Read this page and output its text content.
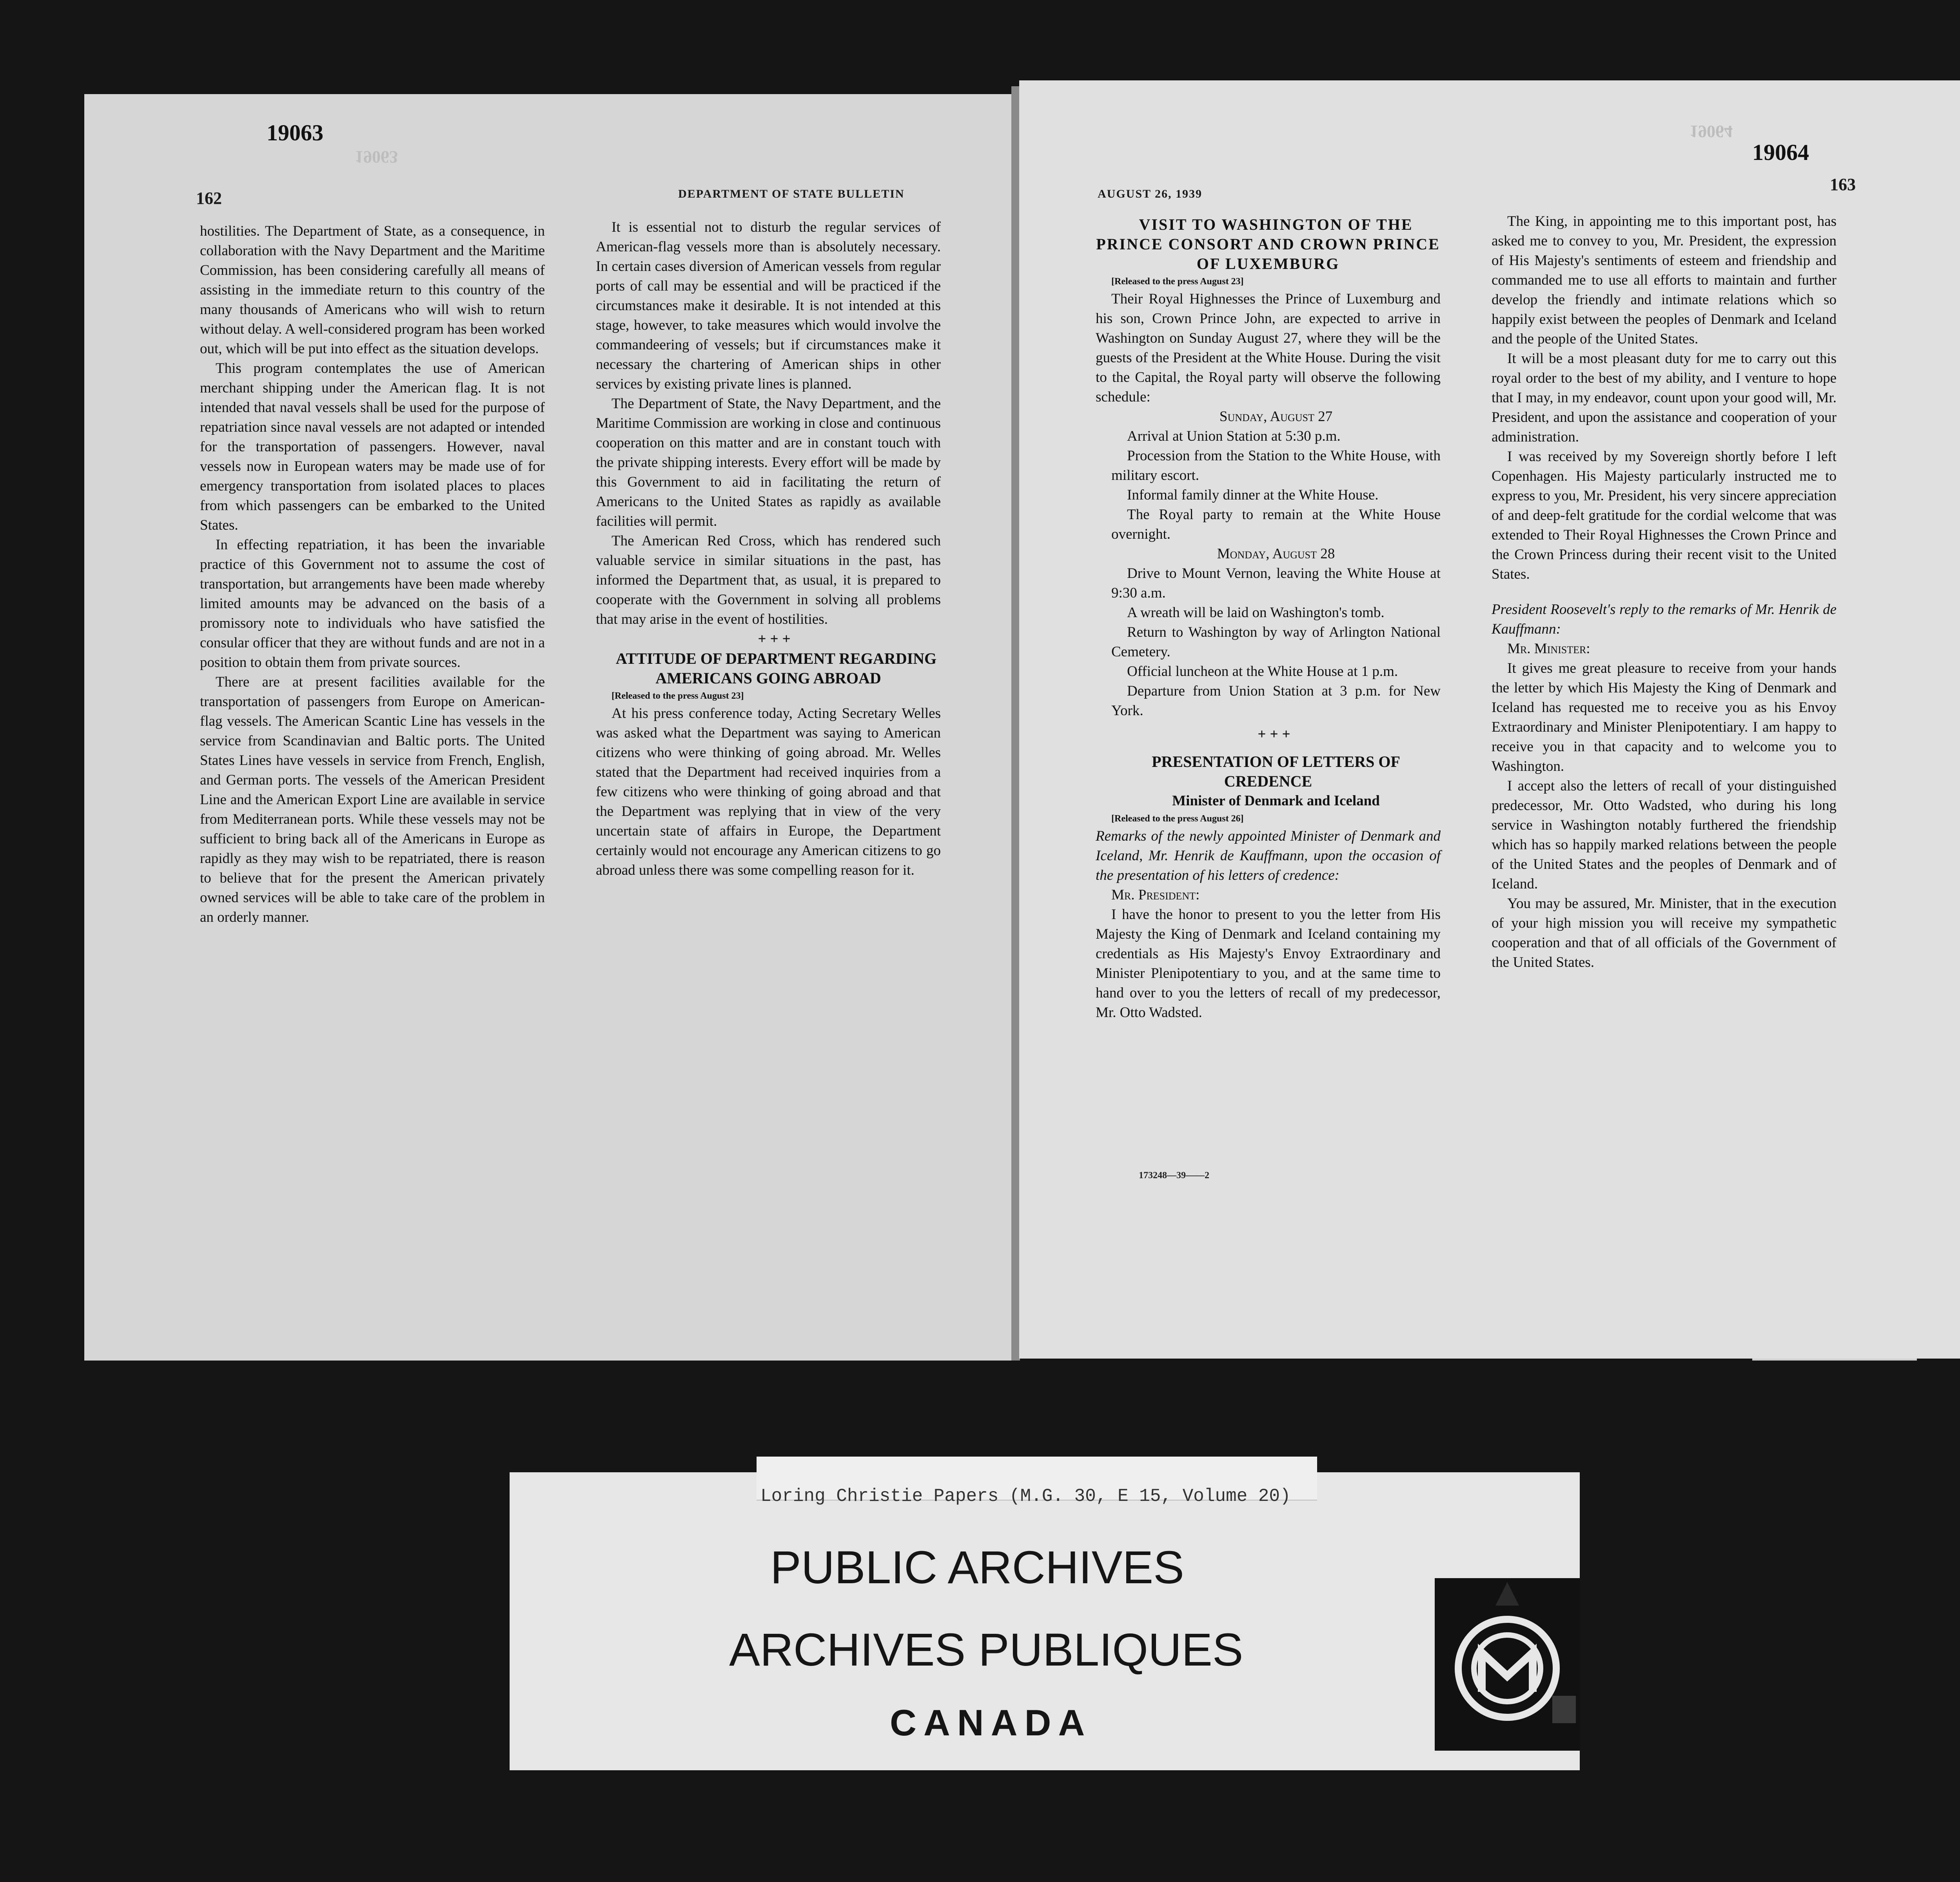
19063
19063
162	DEPARTMENT OF STATE BULLETIN

hostilities. The Department of State, as a consequence, in collaboration with the Navy Department and the Maritime Commission, has been considering carefully all means of assisting in the immediate return to this country of the many thousands of Americans who will wish to return without delay. A well-considered program has been worked out, which will be put into effect as the situation develops.

This program contemplates the use of American merchant shipping under the American flag. It is not intended that naval vessels shall be used for the purpose of repatriation since naval vessels are not adapted or intended for the transportation of passengers. However, naval vessels now in European waters may be made use of for emergency transportation from isolated places to places from which passengers can be embarked to the United States.

In effecting repatriation, it has been the invariable practice of this Government not to assume the cost of transportation, but arrangements have been made whereby limited amounts may be advanced on the basis of a promissory note to individuals who have satisfied the consular officer that they are without funds and are not in a position to obtain them from private sources.

There are at present facilities available for the transportation of passengers from Europe on American-flag vessels. The American Scantic Line has vessels in the service from Scandinavian and Baltic ports. The United States Lines have vessels in service from French, English, and German ports. The vessels of the American President Line and the American Export Line are available in service from Mediterranean ports. While these vessels may not be sufficient to bring back all of the Americans in Europe as rapidly as they may wish to be repatriated, there is reason to believe that for the present the American privately owned services will be able to take care of the problem in an orderly manner.

It is essential not to disturb the regular services of American-flag vessels more than is absolutely necessary. In certain cases diversion of American vessels from regular ports of call may be essential and will be practiced if the circumstances make it desirable. It is not intended at this stage, however, to take measures which would involve the commandeering of vessels; but if circumstances make it necessary the chartering of American ships in other services by existing private lines is planned.

The Department of State, the Navy Department, and the Maritime Commission are working in close and continuous cooperation on this matter and are in constant touch with the private shipping interests. Every effort will be made by this Government to aid in facilitating the return of Americans to the United States as rapidly as available facilities will permit.

The American Red Cross, which has rendered such valuable service in similar situations in the past, has informed the Department that, as usual, it is prepared to cooperate with the Government in solving all problems that may arise in the event of hostilities.

+++

ATTITUDE OF DEPARTMENT REGARDING AMERICANS GOING ABROAD

[Released to the press August 23]

At his press conference today, Acting Secretary Welles was asked what the Department was saying to American citizens who were thinking of going abroad. Mr. Welles stated that the Department had received inquiries from a few citizens who were thinking of going abroad and that the Department was replying that in view of the very uncertain state of affairs in Europe, the Department certainly would not encourage any American citizens to go abroad unless there was some compelling reason for it.

19064
19064
163
AUGUST 26, 1939

VISIT TO WASHINGTON OF THE PRINCE CONSORT AND CROWN PRINCE OF LUXEMBURG

[Released to the press August 23]

Their Royal Highnesses the Prince of Luxemburg and his son, Crown Prince John, are expected to arrive in Washington on Sunday August 27, where they will be the guests of the President at the White House. During the visit to the Capital, the Royal party will observe the following schedule:

Sunday, August 27

Arrival at Union Station at 5:30 p.m.

Procession from the Station to the White House, with military escort.

Informal family dinner at the White House.

The Royal party to remain at the White House overnight.

Monday, August 28

Drive to Mount Vernon, leaving the White House at 9:30 a.m.

A wreath will be laid on Washington's tomb.

Return to Washington by way of Arlington National Cemetery.

Official luncheon at the White House at 1 p.m.

Departure from Union Station at 3 p.m. for New York.

+++

PRESENTATION OF LETTERS OF CREDENCE

Minister of Denmark and Iceland

[Released to the press August 26]

Remarks of the newly appointed Minister of Denmark and Iceland, Mr. Henrik de Kauffmann, upon the occasion of the presentation of his letters of credence:

Mr. President:

I have the honor to present to you the letter from His Majesty the King of Denmark and Iceland containing my credentials as His Majesty's Envoy Extraordinary and Minister Plenipotentiary to you, and at the same time to hand over to you the letters of recall of my predecessor, Mr. Otto Wadsted.

173248—39——2

The King, in appointing me to this important post, has asked me to convey to you, Mr. President, the expression of His Majesty's sentiments of esteem and friendship and commanded me to use all efforts to maintain and further develop the friendly and intimate relations which so happily exist between the peoples of Denmark and Iceland and the people of the United States.

It will be a most pleasant duty for me to carry out this royal order to the best of my ability, and I venture to hope that I may, in my endeavor, count upon your good will, Mr. President, and upon the assistance and cooperation of your administration.

I was received by my Sovereign shortly before I left Copenhagen. His Majesty particularly instructed me to express to you, Mr. President, his very sincere appreciation of and deep-felt gratitude for the cordial welcome that was extended to Their Royal Highnesses the Crown Prince and the Crown Princess during their recent visit to the United States.

President Roosevelt's reply to the remarks of Mr. Henrik de Kauffmann:

Mr. Minister:

It gives me great pleasure to receive from your hands the letter by which His Majesty the King of Denmark and Iceland has requested me to receive you as his Envoy Extraordinary and Minister Plenipotentiary. I am happy to receive you in that capacity and to welcome you to Washington.

I accept also the letters of recall of your distinguished predecessor, Mr. Otto Wadsted, who during his long service in Washington notably furthered the friendship which has so happily marked relations between the people of the United States and the peoples of Denmark and of Iceland.

You may be assured, Mr. Minister, that in the execution of your high mission you will receive my sympathetic cooperation and that of all officials of the Government of the United States.

Loring Christie Papers (M.G. 30, E 15, Volume 20)
PUBLIC ARCHIVES
ARCHIVES PUBLIQUES
CANADA
